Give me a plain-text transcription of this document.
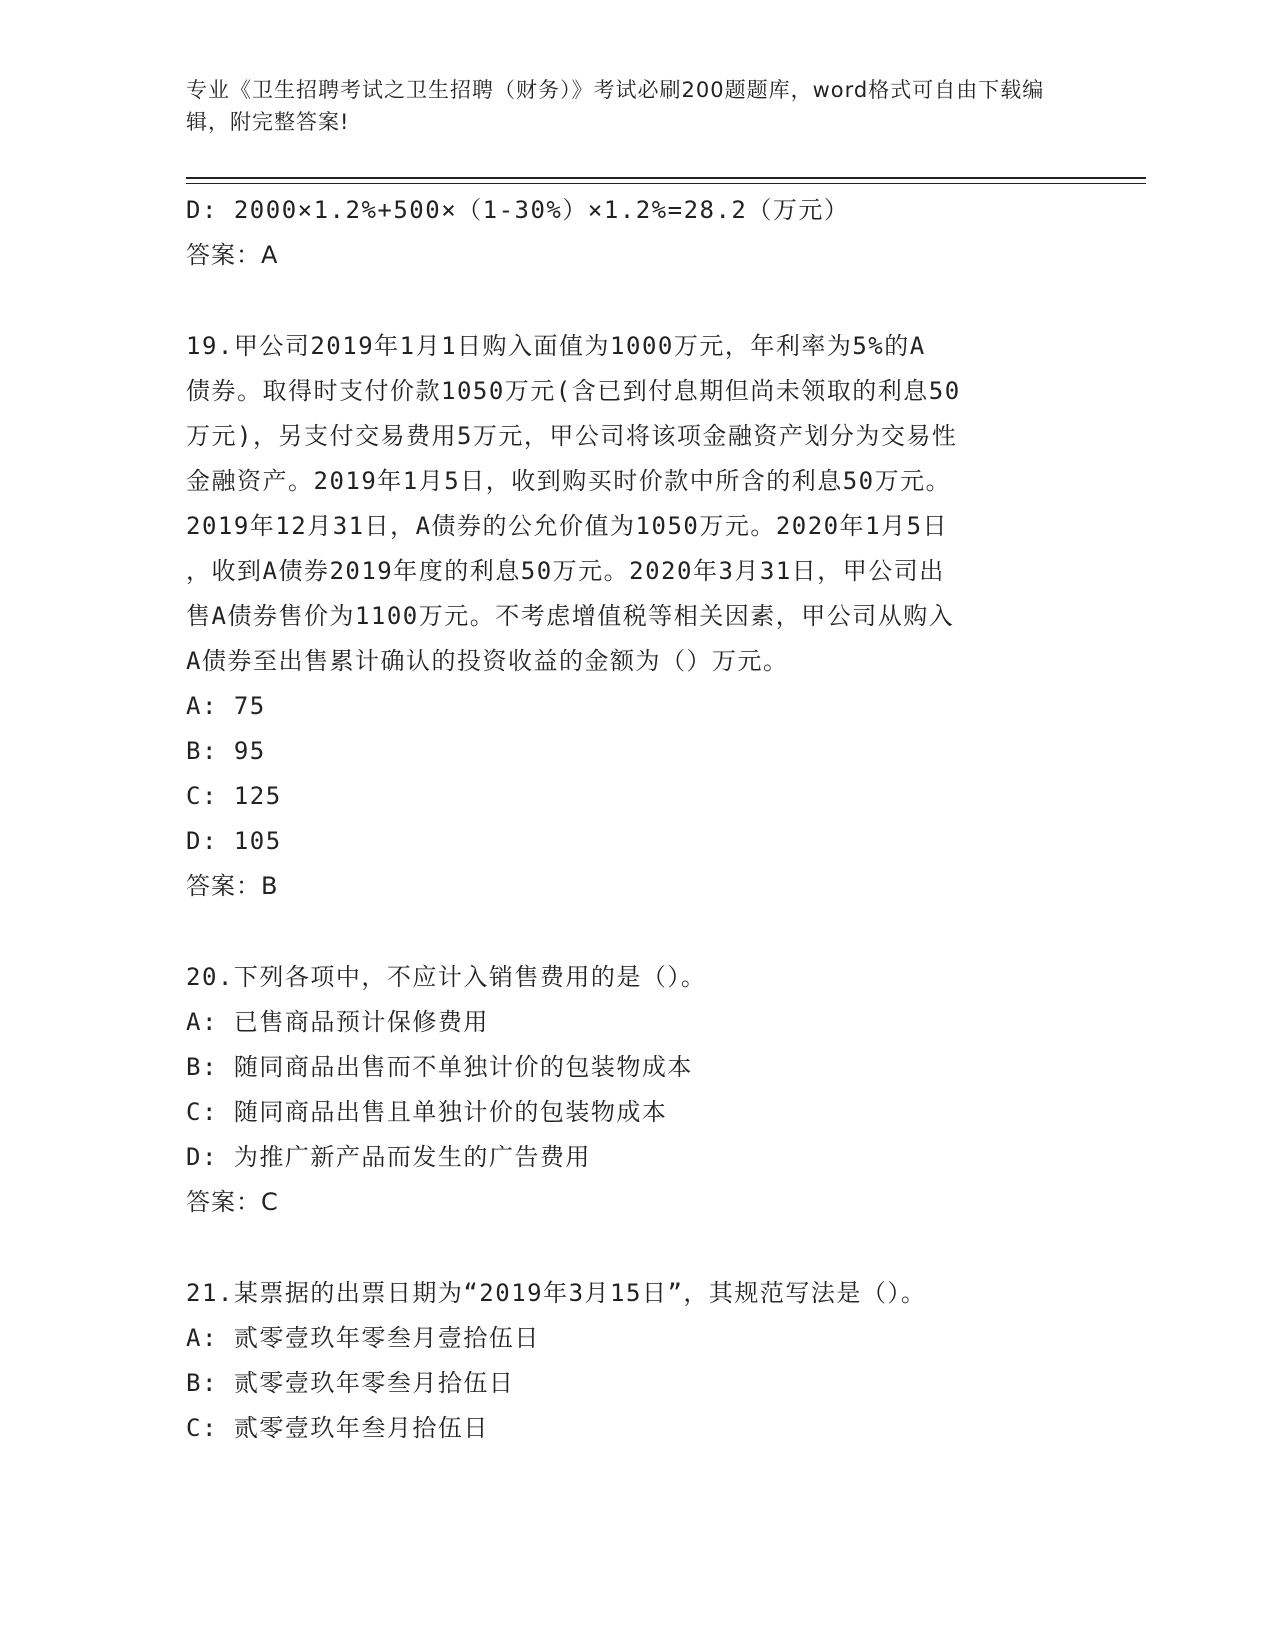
专业《卫生招聘考试之卫生招聘（财务）》考试必刷200题题库，word格式可自由下载编辑，附完整答案!
D: 2000×1.2%+500×（1-30%）×1.2%=28.2（万元）
答案：A
19.甲公司2019年1月1日购入面值为1000万元，年利率为5%的A
债券。取得时支付价款1050万元(含已到付息期但尚未领取的利息50
万元)，另支付交易费用5万元，甲公司将该项金融资产划分为交易性
金融资产。2019年1月5日，收到购买时价款中所含的利息50万元。
2019年12月31日，A债券的公允价值为1050万元。2020年1月5日
，收到A债券2019年度的利息50万元。2020年3月31日，甲公司出
售A债券售价为1100万元。不考虑增值税等相关因素，甲公司从购入
A债券至出售累计确认的投资收益的金额为（）万元。
A: 75
B: 95
C: 125
D: 105
答案：B
20.下列各项中，不应计入销售费用的是（）。
A: 已售商品预计保修费用
B: 随同商品出售而不单独计价的包装物成本
C: 随同商品出售且单独计价的包装物成本
D: 为推广新产品而发生的广告费用
答案：C
21.某票据的出票日期为“2019年3月15日”，其规范写法是（）。
A: 贰零壹玖年零叁月壹拾伍日
B: 贰零壹玖年零叁月拾伍日
C: 贰零壹玖年叁月拾伍日
